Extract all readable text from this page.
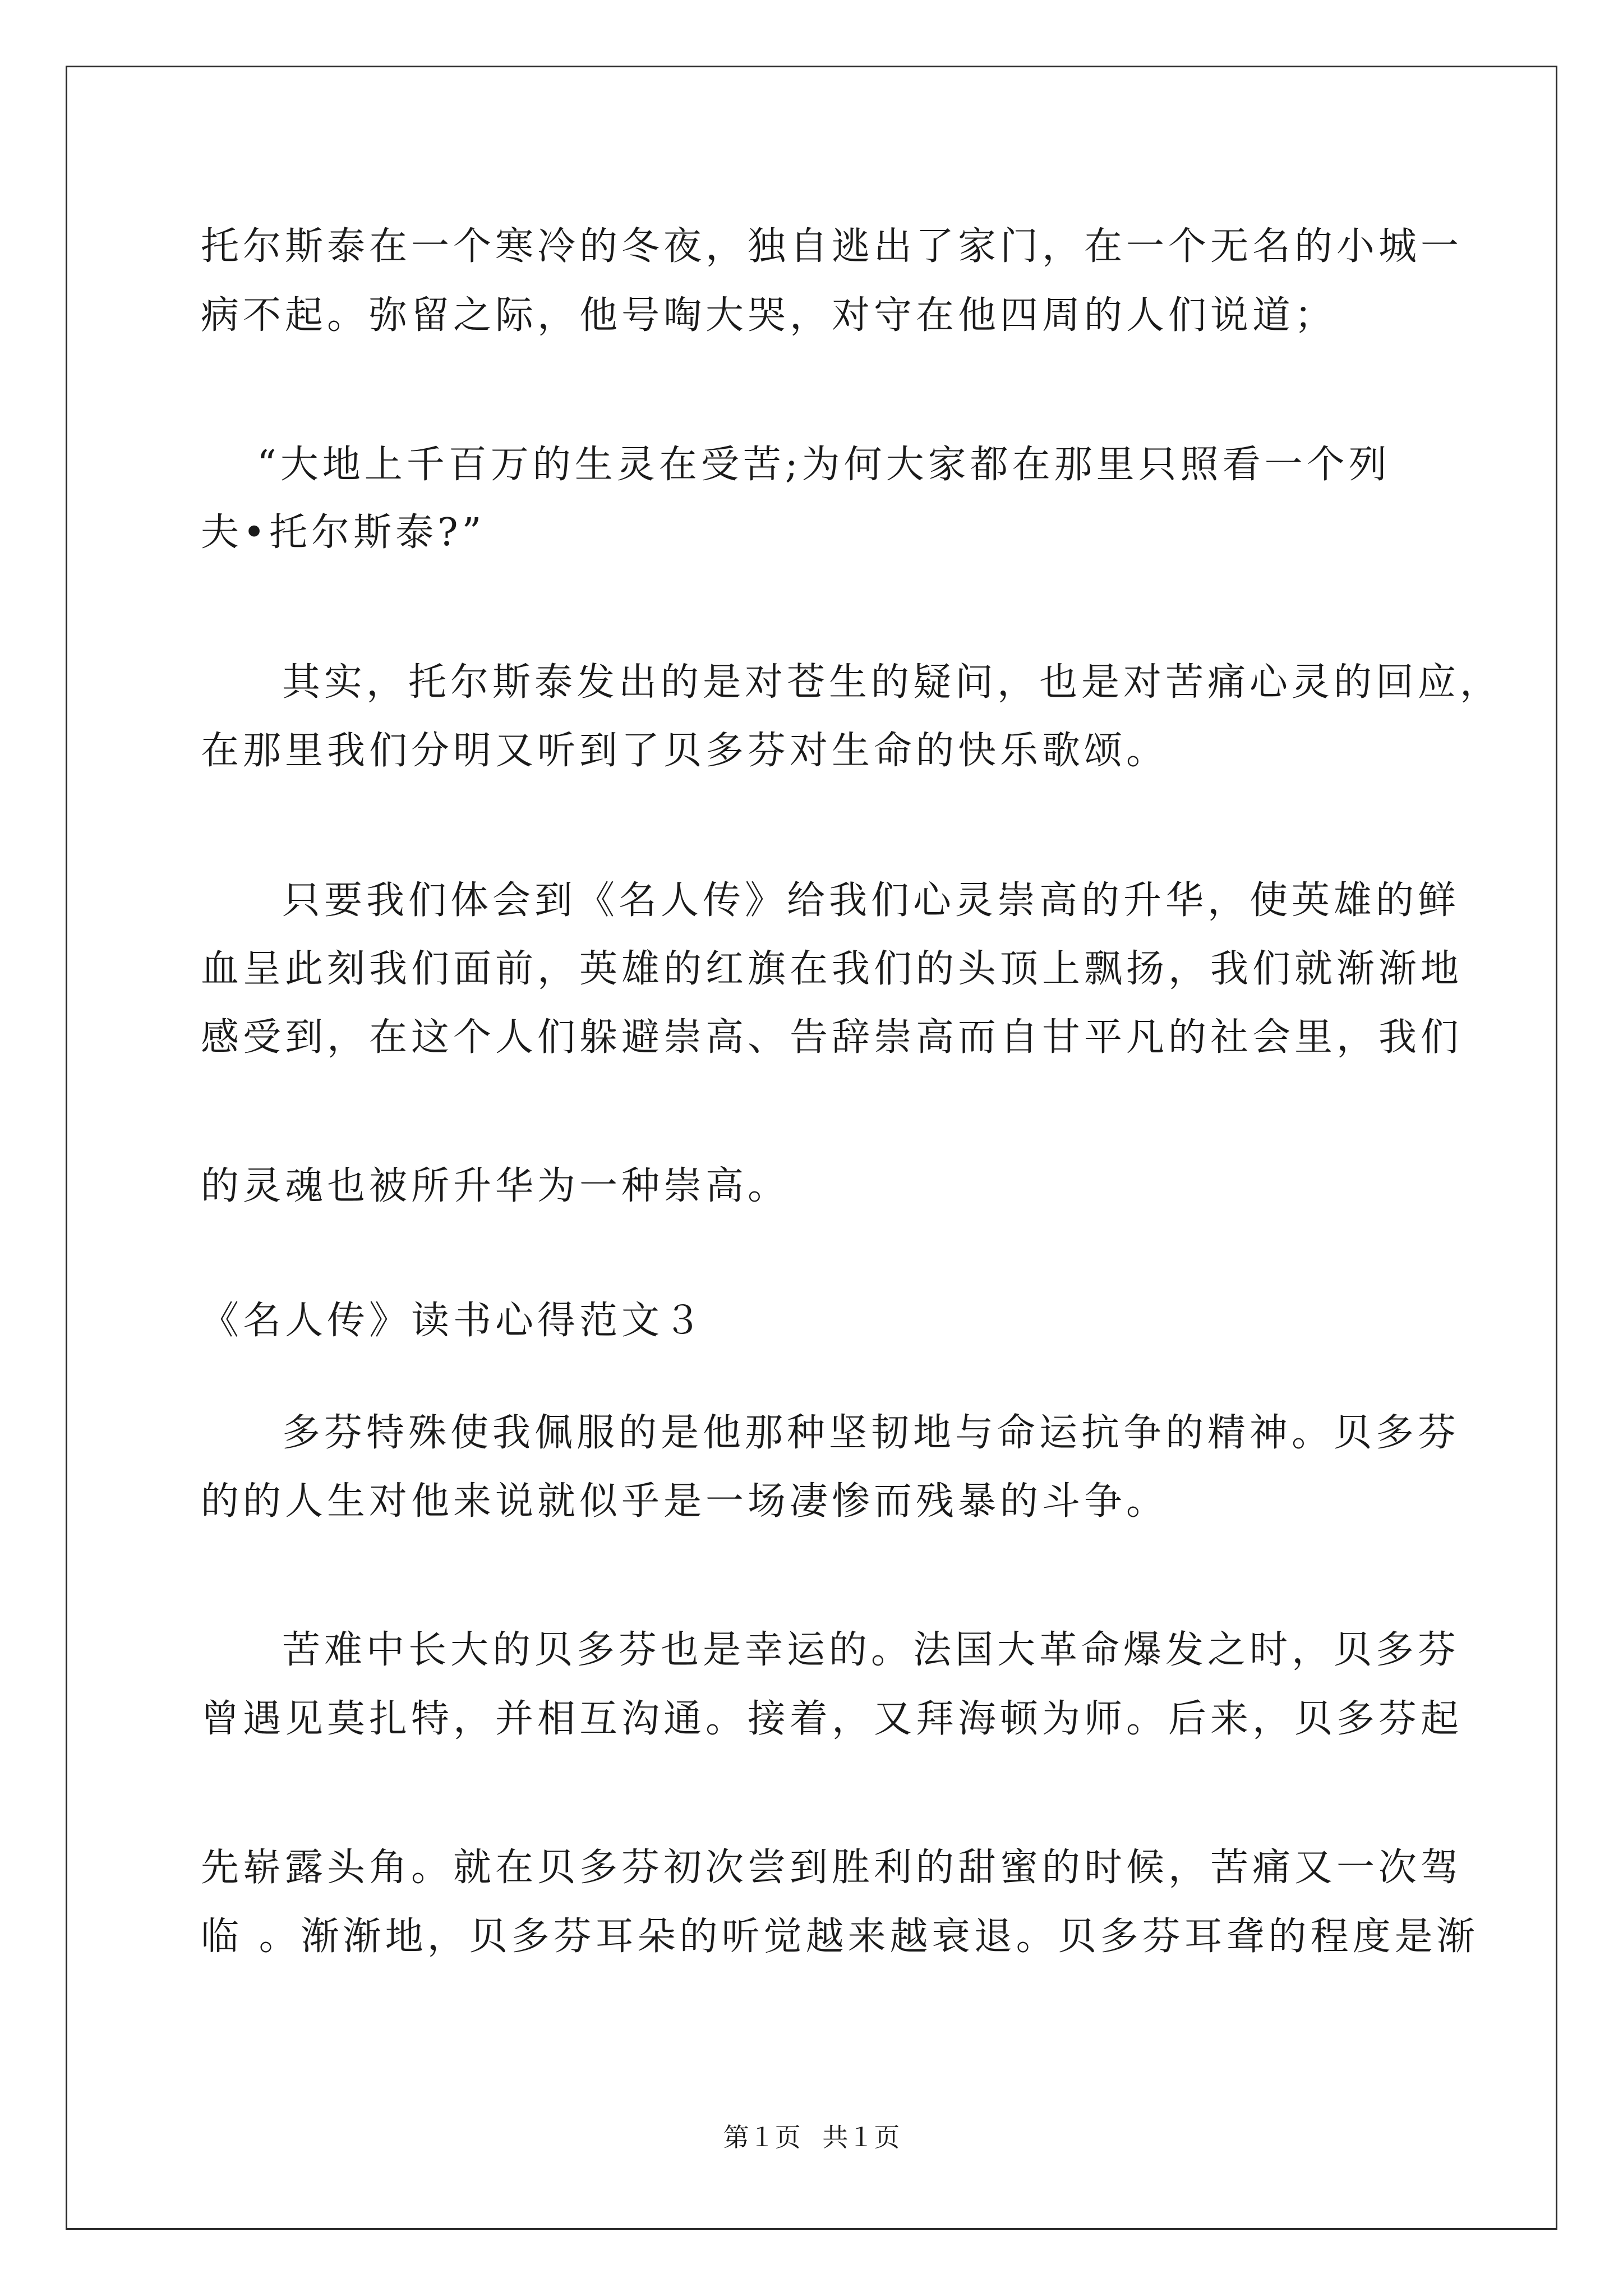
托尔斯泰在一个寒冷的冬夜，独自逃出了家门，在一个无名的小城一
病不起。弥留之际，他号啕大哭，对守在他四周的人们说道；
“大地上千百万的生灵在受苦;为何大家都在那里只照看一个列
夫•托尔斯泰?”
其实，托尔斯泰发出的是对苍生的疑问，也是对苦痛心灵的回应，
在那里我们分明又听到了贝多芬对生命的快乐歌颂。
只要我们体会到《名人传》给我们心灵崇高的升华，使英雄的鲜
血呈此刻我们面前，英雄的红旗在我们的头顶上飘扬，我们就渐渐地
感受到，在这个人们躲避崇高、告辞崇高而自甘平凡的社会里，我们
的灵魂也被所升华为一种崇高。
《名人传》读书心得范文３
多芬特殊使我佩服的是他那种坚韧地与命运抗争的精神。贝多芬
的的人生对他来说就似乎是一场凄惨而残暴的斗争。
苦难中长大的贝多芬也是幸运的。法国大革命爆发之时，贝多芬
曾遇见莫扎特，并相互沟通。接着，又拜海顿为师。后来，贝多芬起
先崭露头角。就在贝多芬初次尝到胜利的甜蜜的时候，苦痛又一次驾
临 。渐渐地，贝多芬耳朵的听觉越来越衰退。贝多芬耳聋的程度是渐
第１页 共１页
